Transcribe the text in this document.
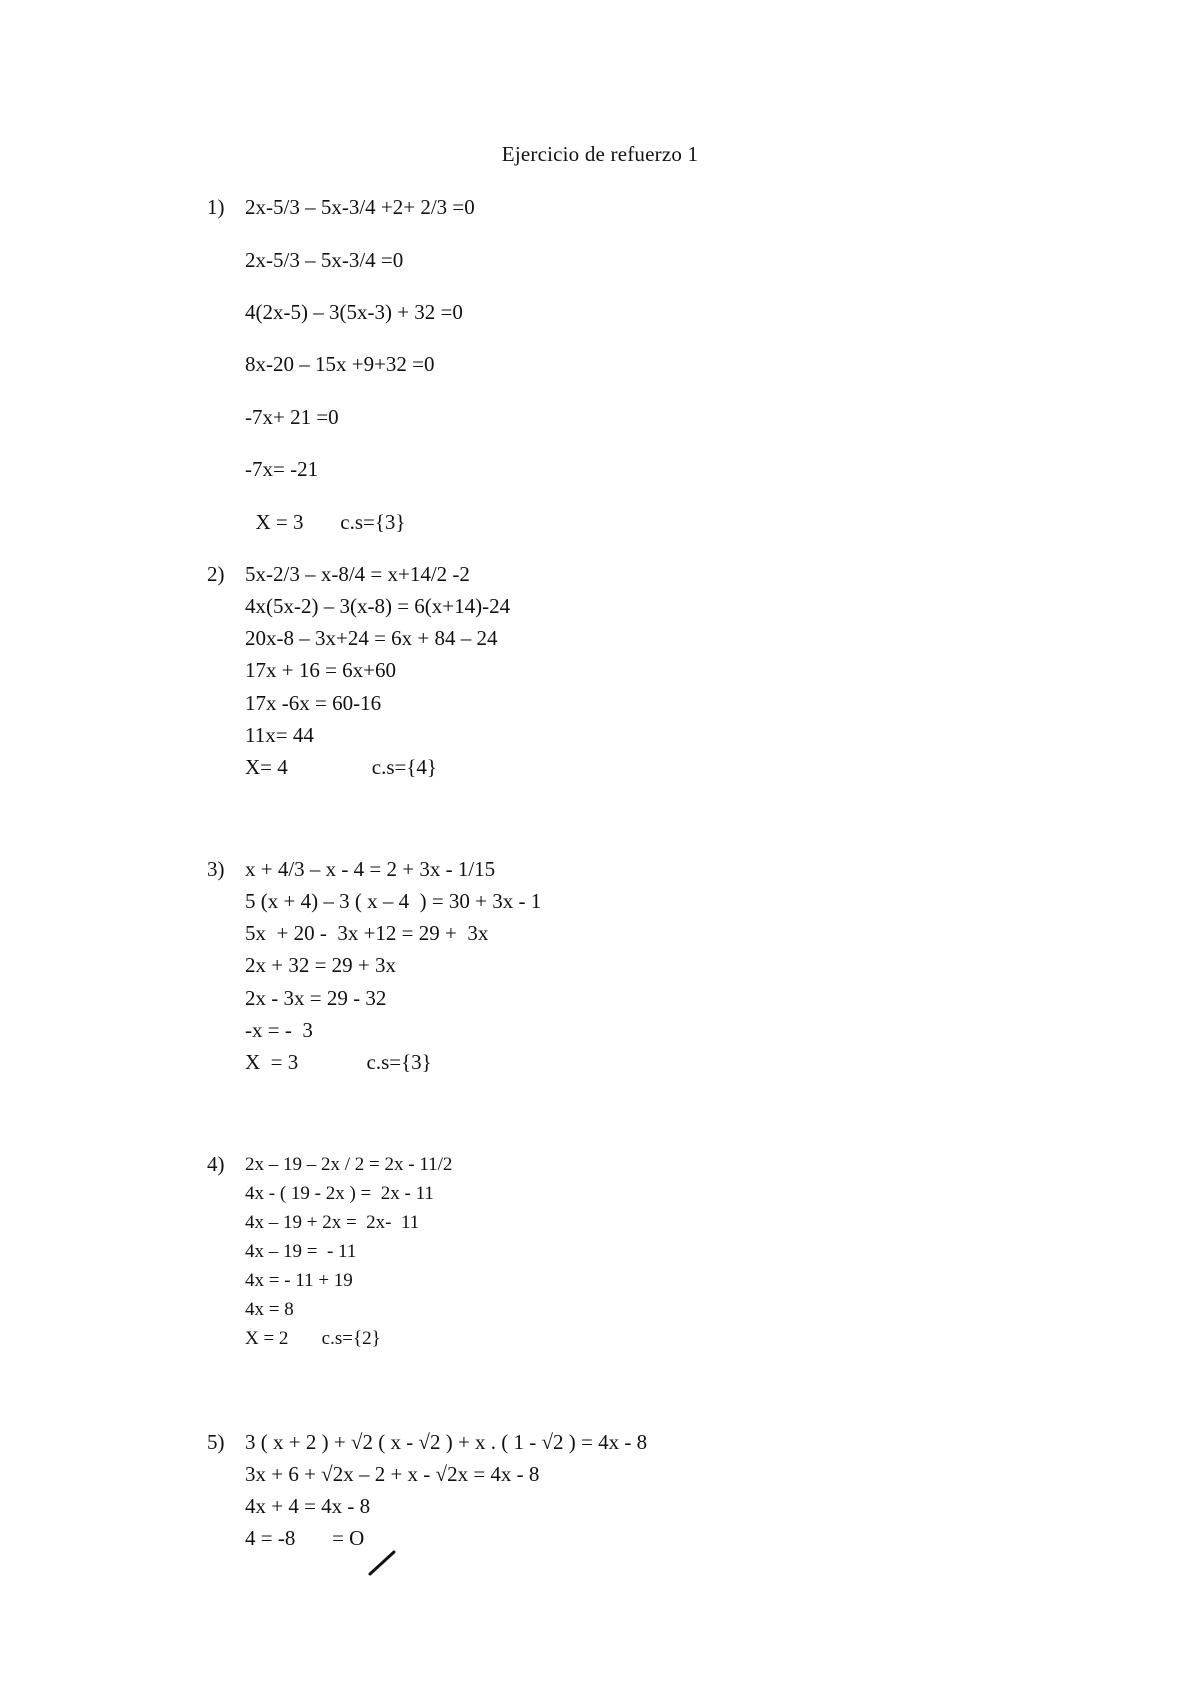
Ejercicio de refuerzo 1
1) 2x-5/3 – 5x-3/4 +2+ 2/3 =0
2x-5/3 – 5x-3/4 =0
4(2x-5) – 3(5x-3) + 32 =0
8x-20 – 15x +9+32 =0
-7x+ 21 =0
-7x= -21
X = 3       c.s={3}
2) 5x-2/3 – x-8/4 = x+14/2 -2
4x(5x-2) – 3(x-8) = 6(x+14)-24
20x-8 – 3x+24 = 6x + 84 – 24
17x + 16 = 6x+60
17x -6x = 60-16
11x= 44
X= 4                c.s={4}
3) x + 4/3 – x - 4 = 2 + 3x - 1/15
5 (x + 4) – 3 ( x – 4  ) = 30 + 3x - 1
5x  + 20 -  3x +12 = 29 +  3x
2x + 32 = 29 + 3x
2x - 3x = 29 - 32
-x = -  3
X  = 3             c.s={3}
4) 2x – 19 – 2x / 2 = 2x - 11/2
4x - ( 19 - 2x ) =  2x - 11
4x – 19 + 2x =  2x-  11
4x – 19 =  - 11
4x = - 11 + 19
4x = 8
X = 2       c.s={2}
5) 3 ( x + 2 ) + √2 ( x - √2 ) + x . ( 1 - √2 ) = 4x - 8
3x + 6 + √2x – 2 + x - √2x = 4x - 8
4x + 4 = 4x - 8
4 = -8       = O
